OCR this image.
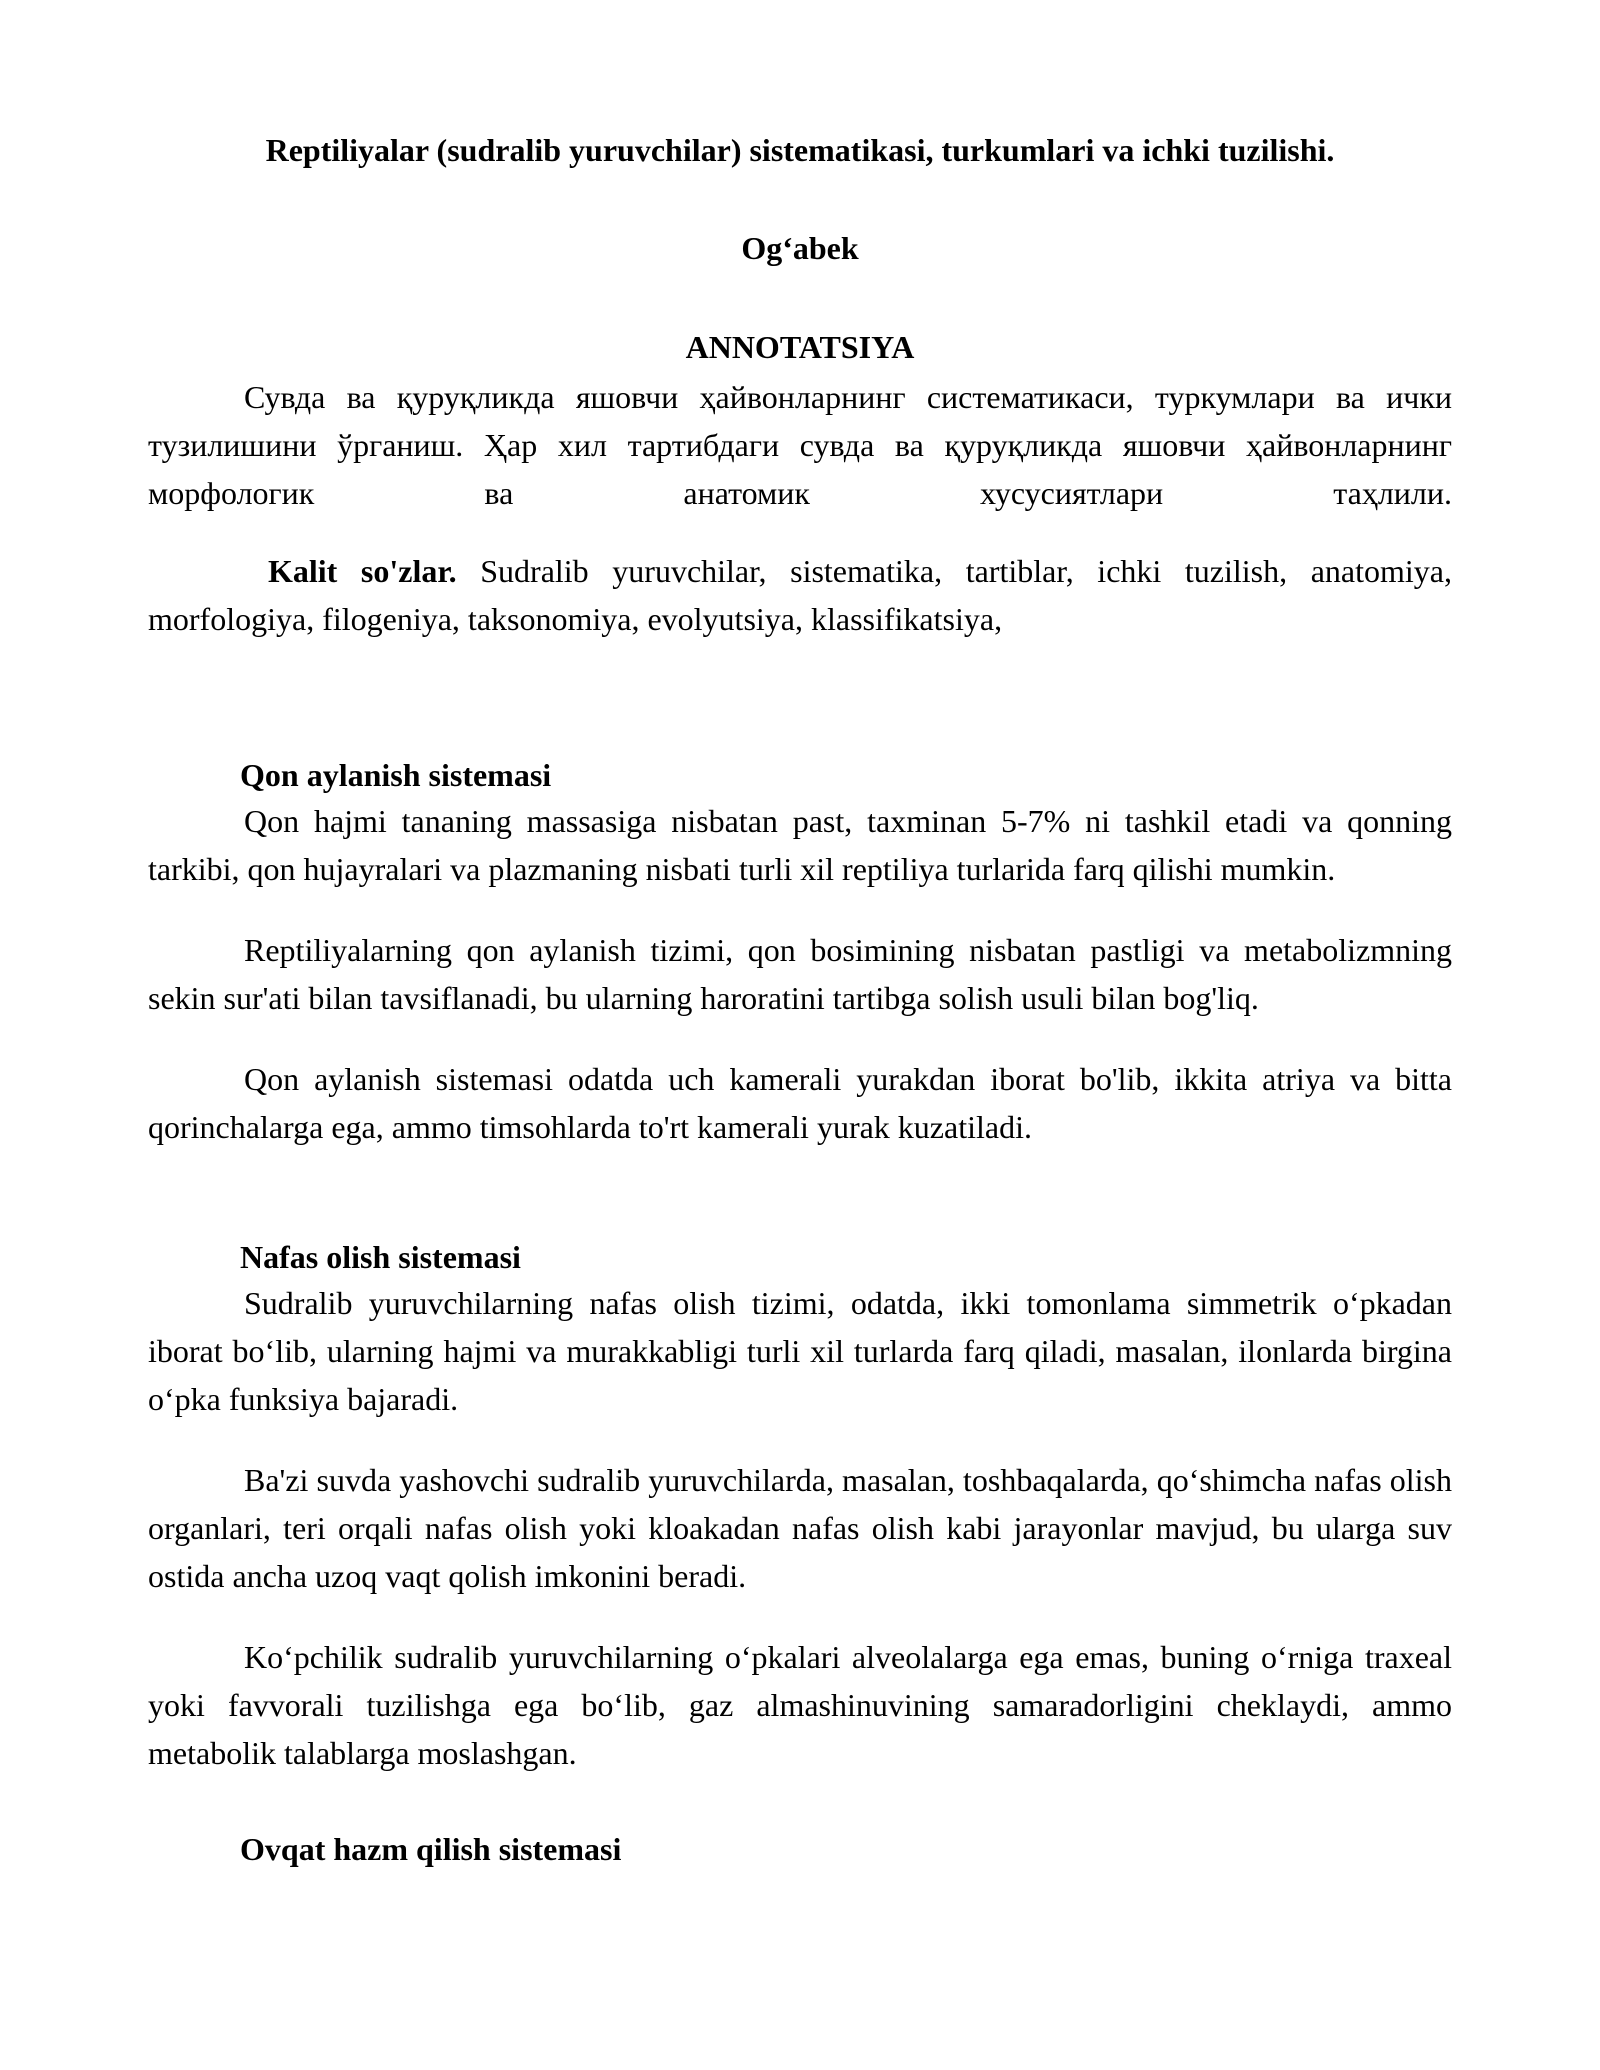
Reptiliyalar (sudralib yuruvchilar) sistematikasi, turkumlari va ichki tuzilishi.
Og‘abek
ANNOTATSIYA

Сувда ва қуруқликда яшовчи ҳайвонларнинг систематикаси, туркумлари ва ички тузилишини ўрганиш. Ҳар хил тартибдаги сувда ва қуруқликда яшовчи ҳайвонларнинг морфологик ва анатомик хусусиятлари таҳлили.

Kalit so'zlar. Sudralib yuruvchilar, sistematika, tartiblar, ichki tuzilish, anatomiya, morfologiya, filogeniya, taksonomiya, evolyutsiya, klassifikatsiya,

Qon aylanish sistemasi

Qon hajmi tananing massasiga nisbatan past, taxminan 5-7% ni tashkil etadi va qonning tarkibi, qon hujayralari va plazmaning nisbati turli xil reptiliya turlarida farq qilishi mumkin.

Reptiliyalarning qon aylanish tizimi, qon bosimining nisbatan pastligi va metabolizmning sekin sur'ati bilan tavsiflanadi, bu ularning haroratini tartibga solish usuli bilan bog'liq.

Qon aylanish sistemasi odatda uch kamerali yurakdan iborat bo'lib, ikkita atriya va bitta qorinchalarga ega, ammo timsohlarda to'rt kamerali yurak kuzatiladi.

Nafas olish sistemasi

Sudralib yuruvchilarning nafas olish tizimi, odatda, ikki tomonlama simmetrik o‘pkadan iborat bo‘lib, ularning hajmi va murakkabligi turli xil turlarda farq qiladi, masalan, ilonlarda birgina o‘pka funksiya bajaradi.

Ba'zi suvda yashovchi sudralib yuruvchilarda, masalan, toshbaqalarda, qo‘shimcha nafas olish organlari, teri orqali nafas olish yoki kloakadan nafas olish kabi jarayonlar mavjud, bu ularga suv ostida ancha uzoq vaqt qolish imkonini beradi.

Ko‘pchilik sudralib yuruvchilarning o‘pkalari alveolalarga ega emas, buning o‘rniga traxeal yoki favvorali tuzilishga ega bo‘lib, gaz almashinuvining samaradorligini cheklaydi, ammo metabolik talablarga moslashgan.

Ovqat hazm qilish sistemasi
